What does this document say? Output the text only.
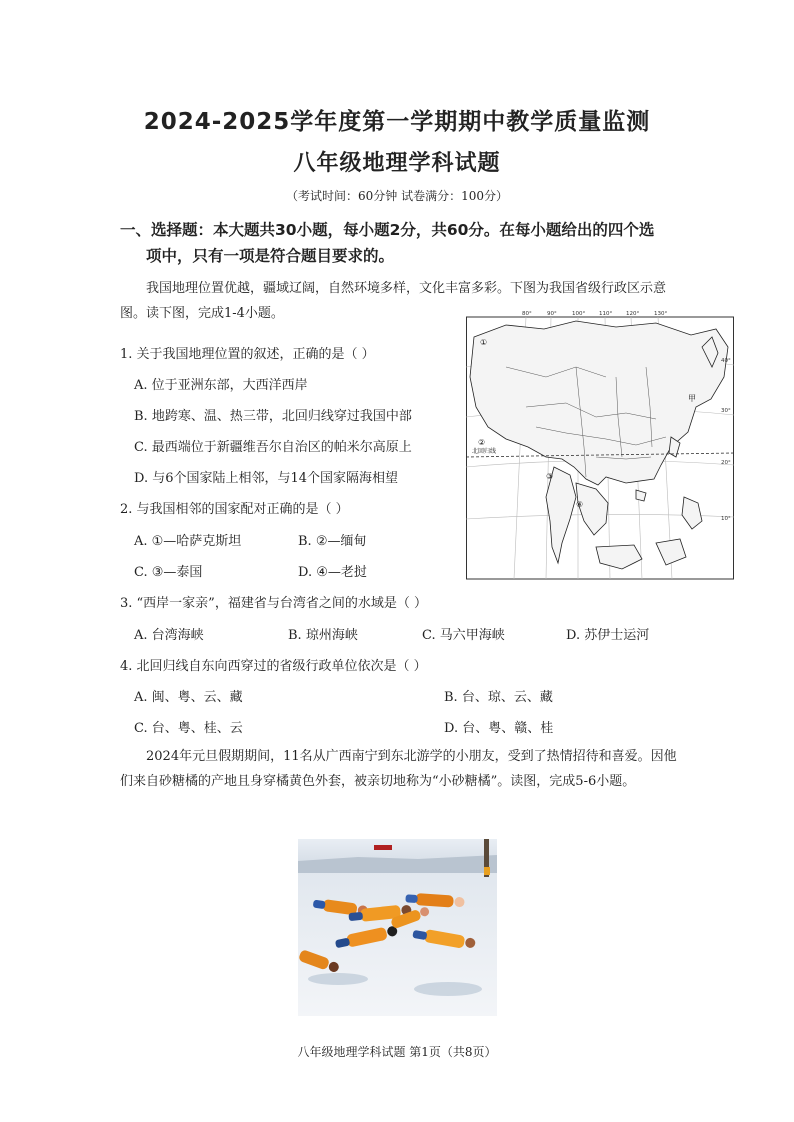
2024-2025学年度第一学期期中教学质量监测
八年级地理学科试题
（考试时间：60分钟 试卷满分：100分）
一、选择题：本大题共30小题，每小题2分，共60分。在每小题给出的四个选
项中，只有一项是符合题目要求的。
我国地理位置优越，疆域辽阔，自然环境多样，文化丰富多彩。下图为我国省级行政区示意图。读下图，完成1-4小题。
1. 关于我国地理位置的叙述，正确的是（ ）
A. 位于亚洲东部，大西洋西岸
B. 地跨寒、温、热三带，北回归线穿过我国中部
C. 最西端位于新疆维吾尔自治区的帕米尔高原上
D. 与6个国家陆上相邻，与14个国家隔海相望
2. 与我国相邻的国家配对正确的是（ ）
A. ①—哈萨克斯坦	B. ②—缅甸
C. ③—泰国	D. ④—老挝
3. “西岸一家亲”，福建省与台湾省之间的水域是（ ）
A. 台湾海峡	B. 琼州海峡	C. 马六甲海峡	D. 苏伊士运河
4. 北回归线自东向西穿过的省级行政单位依次是（ ）
A. 闽、粤、云、藏	B. 台、琼、云、藏
C. 台、粤、桂、云	D. 台、粤、赣、桂
2024年元旦假期期间，11名从广西南宁到东北游学的小朋友，受到了热情招待和喜爱。因他们来自砂糖橘的产地且身穿橘黄色外套，被亲切地称为“小砂糖橘”。读图，完成5-6小题。
80°	90°	100°	110°	120°	130°
40°
30°
20°
10°
①
②
③
④
甲
北回归线
八年级地理学科试题 第1页（共8页）
